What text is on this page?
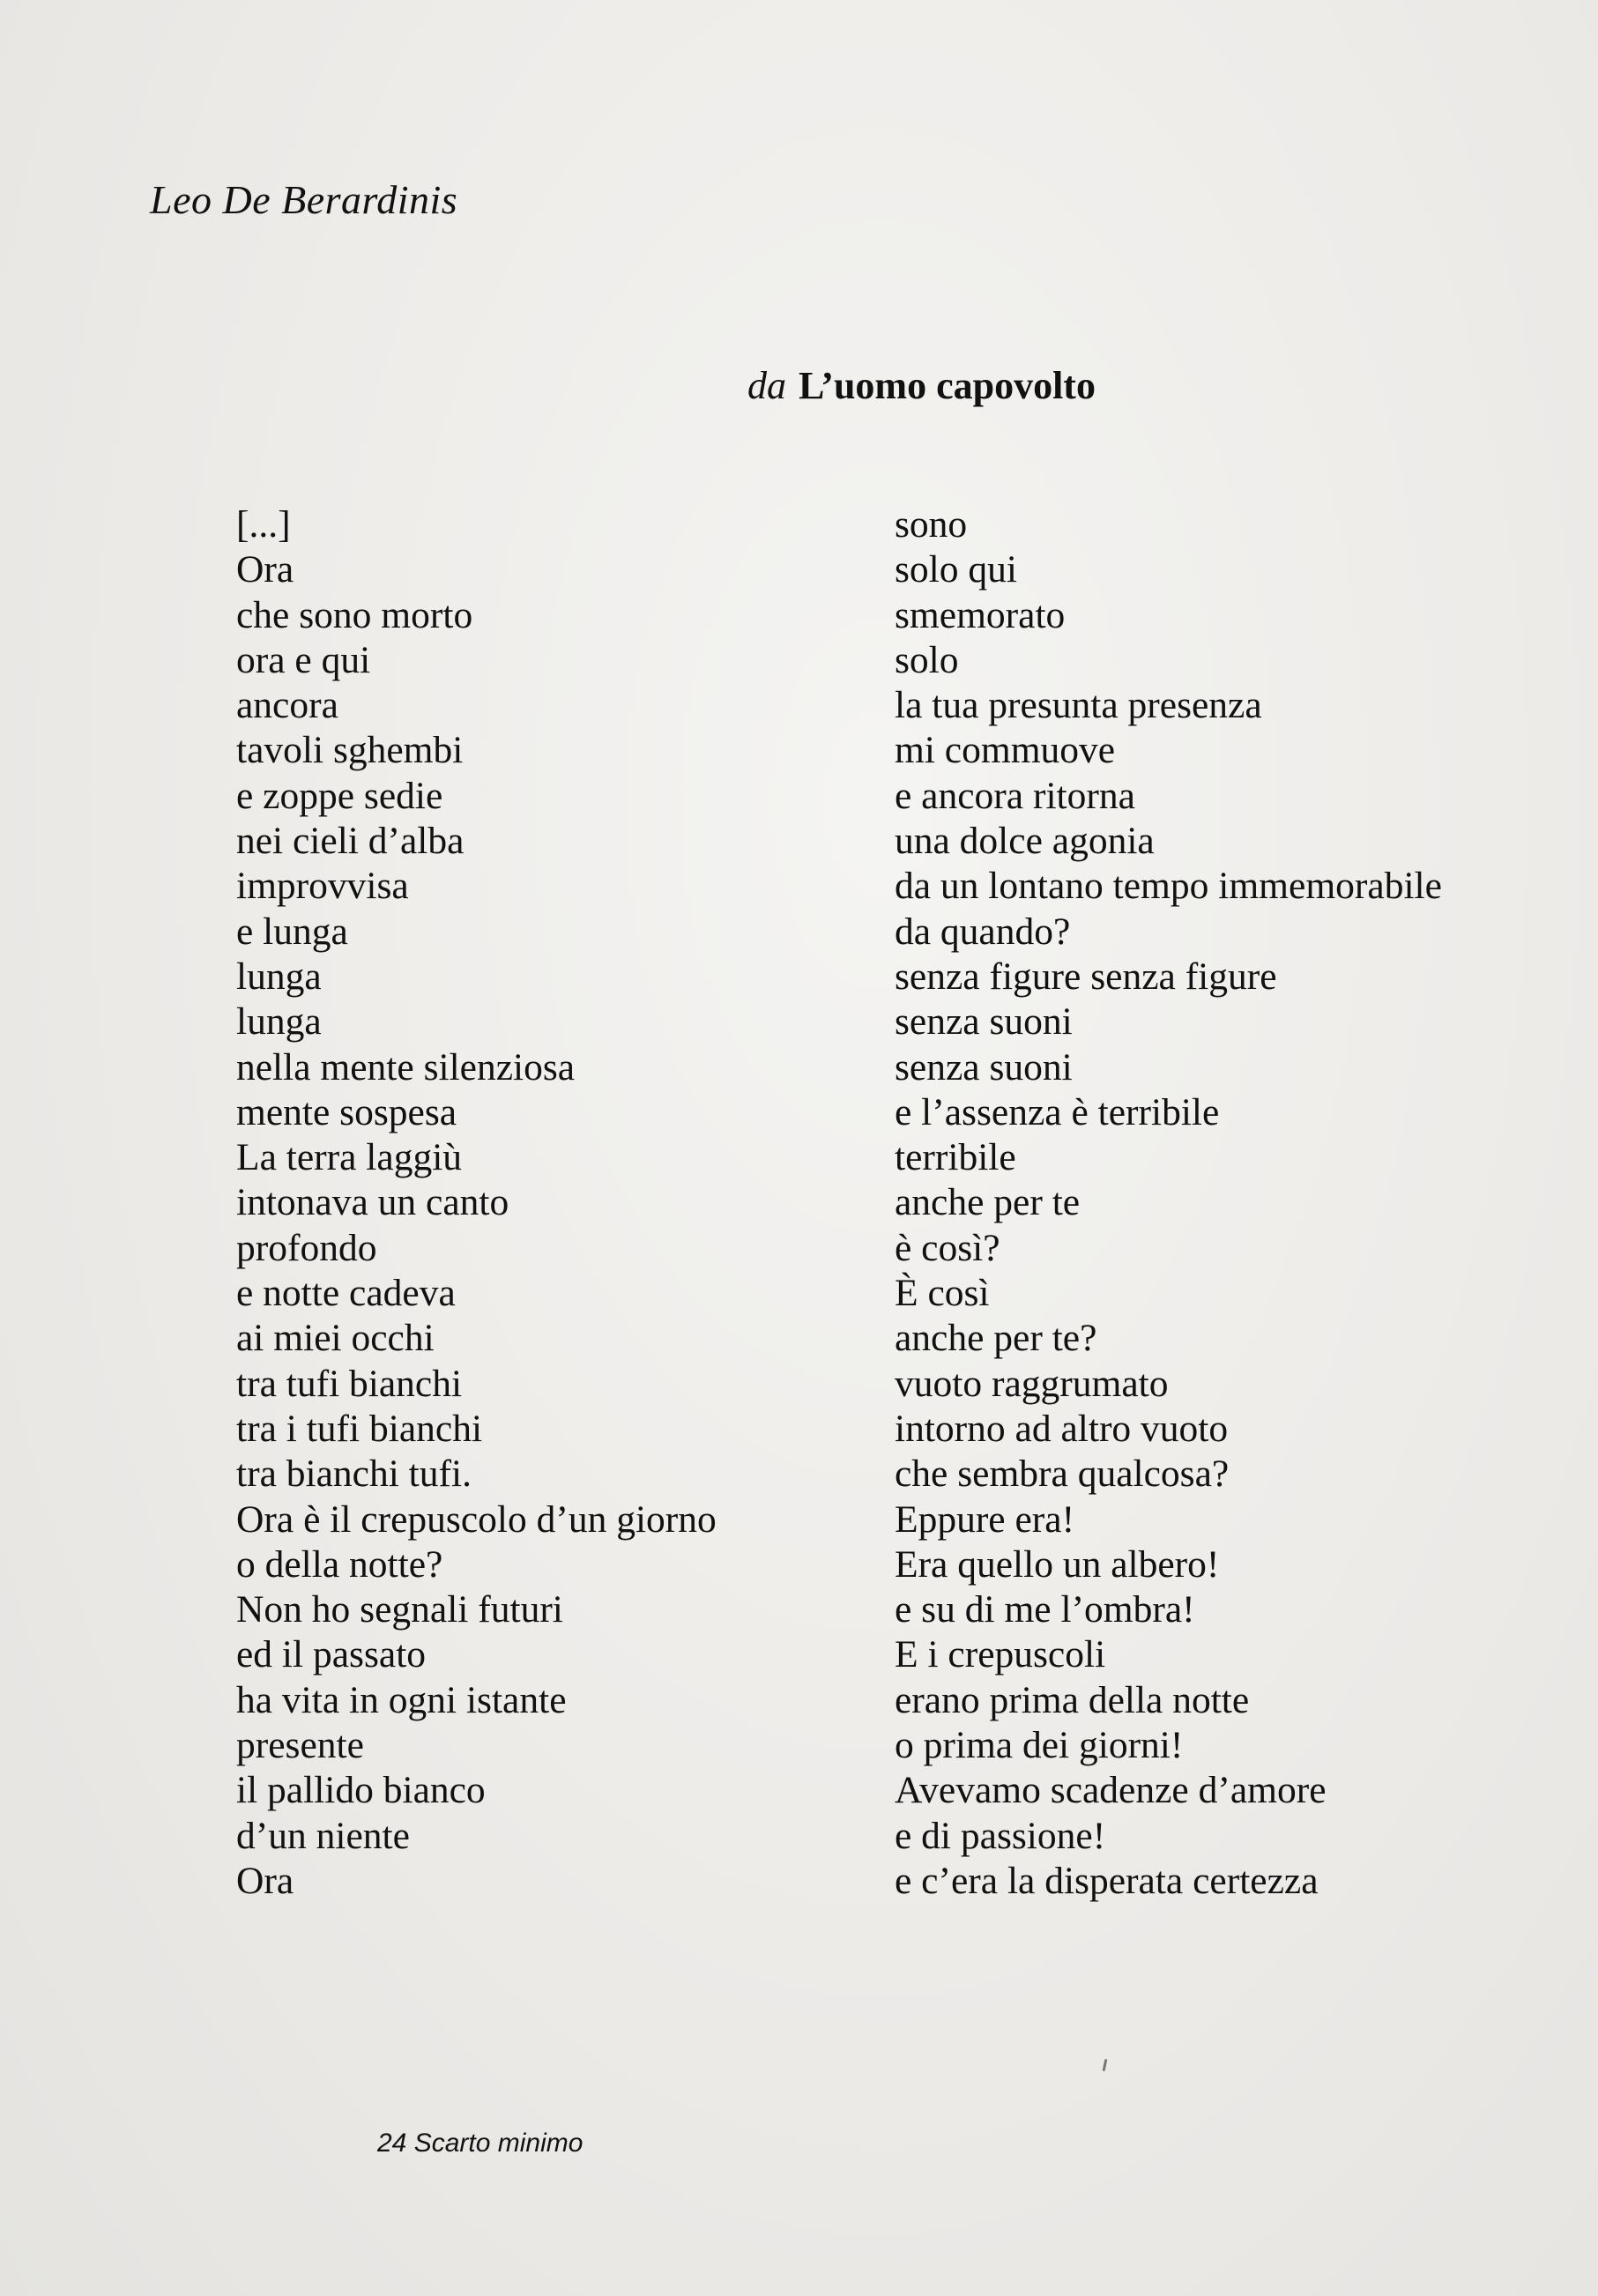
Leo De Berardinis
da L’uomo capovolto
[...]
Ora
che sono morto
ora e qui
ancora
tavoli sghembi
e zoppe sedie
nei cieli d’alba
improvvisa
e lunga
lunga
lunga
nella mente silenziosa
mente sospesa
La terra laggiù
intonava un canto
profondo
e notte cadeva
ai miei occhi
tra tufi bianchi
tra i tufi bianchi
tra bianchi tufi.
Ora è il crepuscolo d’un giorno
o della notte?
Non ho segnali futuri
ed il passato
ha vita in ogni istante
presente
il pallido bianco
d’un niente
Ora
sono
solo qui
smemorato
solo
la tua presunta presenza
mi commuove
e ancora ritorna
una dolce agonia
da un lontano tempo immemorabile
da quando?
senza figure senza figure
senza suoni
senza suoni
e l’assenza è terribile
terribile
anche per te
è così?
È così
anche per te?
vuoto raggrumato
intorno ad altro vuoto
che sembra qualcosa?
Eppure era!
Era quello un albero!
e su di me l’ombra!
E i crepuscoli
erano prima della notte
o prima dei giorni!
Avevamo scadenze d’amore
e di passione!
e c’era la disperata certezza
24 Scarto minimo
